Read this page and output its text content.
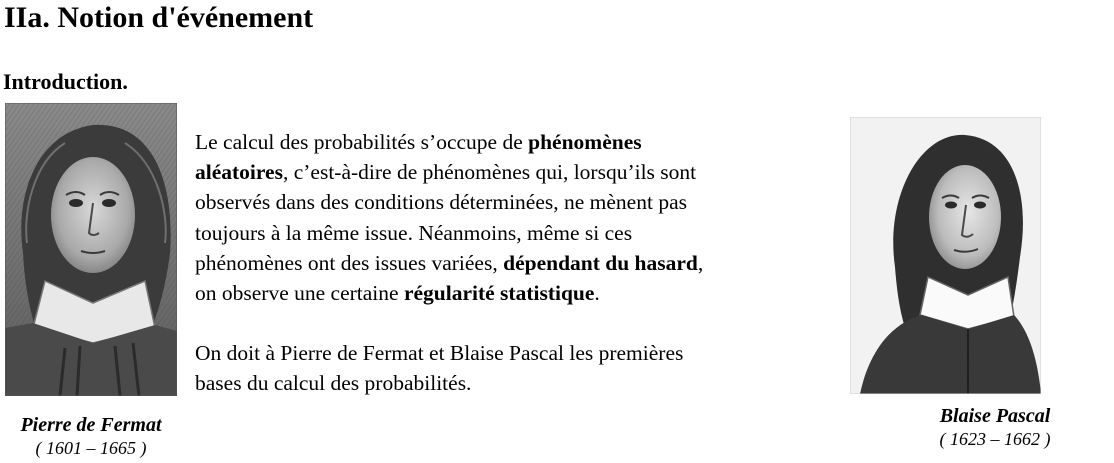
IIa. Notion d'événement
Introduction.
Pierre de Fermat
( 1601 – 1665 )

Le calcul des probabilités s’occupe de phénomènes
aléatoires, c’est-à-dire de phénomènes qui, lorsqu’ils sont
observés dans des conditions déterminées, ne mènent pas
toujours à la même issue. Néanmoins, même si ces
phénomènes ont des issues variées, dépendant du hasard,
on observe une certaine régularité statistique.

On doit à Pierre de Fermat et Blaise Pascal les premières
bases du calcul des probabilités.

Blaise Pascal
( 1623 – 1662 )
